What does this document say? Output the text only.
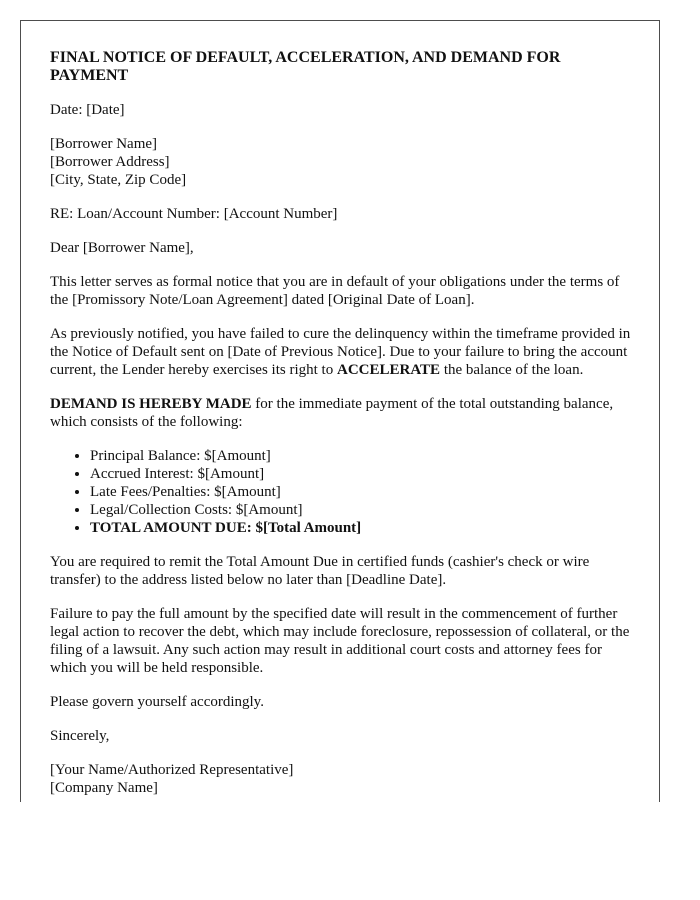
FINAL NOTICE OF DEFAULT, ACCELERATION, AND DEMAND FOR PAYMENT

Date: [Date]

[Borrower Name]
[Borrower Address]
[City, State, Zip Code]

RE: Loan/Account Number: [Account Number]

Dear [Borrower Name],

This letter serves as formal notice that you are in default of your obligations under the terms of the [Promissory Note/Loan Agreement] dated [Original Date of Loan].

As previously notified, you have failed to cure the delinquency within the timeframe provided in the Notice of Default sent on [Date of Previous Notice]. Due to your failure to bring the account current, the Lender hereby exercises its right to ACCELERATE the balance of the loan.

DEMAND IS HEREBY MADE for the immediate payment of the total outstanding balance, which consists of the following:

• Principal Balance: $[Amount]
• Accrued Interest: $[Amount]
• Late Fees/Penalties: $[Amount]
• Legal/Collection Costs: $[Amount]
• TOTAL AMOUNT DUE: $[Total Amount]

You are required to remit the Total Amount Due in certified funds (cashier's check or wire transfer) to the address listed below no later than [Deadline Date].

Failure to pay the full amount by the specified date will result in the commencement of further legal action to recover the debt, which may include foreclosure, repossession of collateral, or the filing of a lawsuit. Any such action may result in additional court costs and attorney fees for which you will be held responsible.

Please govern yourself accordingly.

Sincerely,

[Your Name/Authorized Representative]
[Company Name]
